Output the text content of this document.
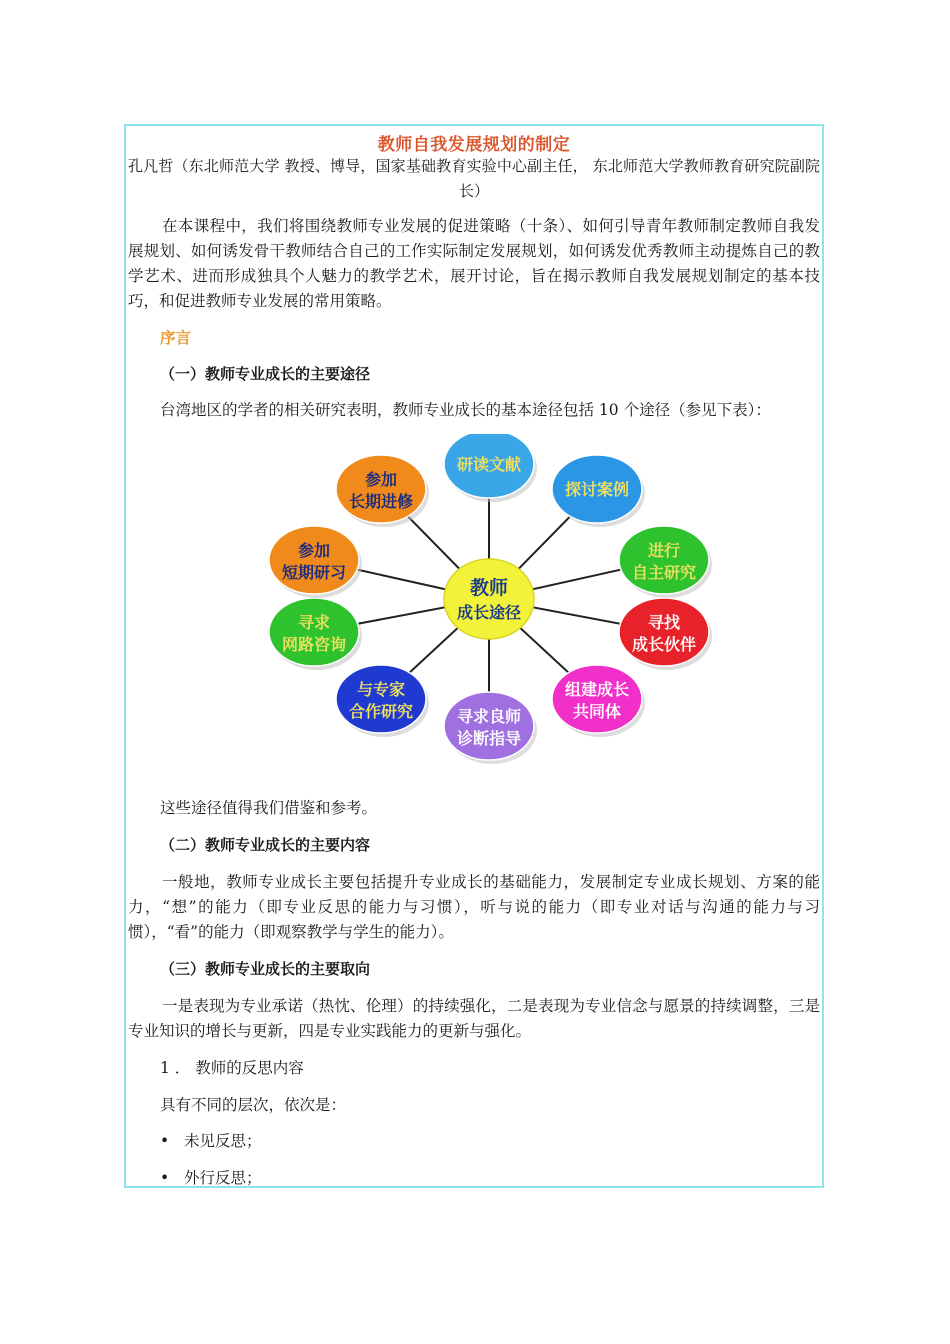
教师自我发展规划的制定
孔凡哲（东北师范大学 教授、博导，国家基础教育实验中心副主任， 东北师范大学教师教育研究院副院长）
在本课程中，我们将围绕教师专业发展的促进策略（十条）、如何引导青年教师制定教师自我发展规划、如何诱发骨干教师结合自己的工作实际制定发展规划，如何诱发优秀教师主动提炼自己的教学艺术、进而形成独具个人魅力的教学艺术，展开讨论，旨在揭示教师自我发展规划制定的基本技巧，和促进教师专业发展的常用策略。
序言
（一）教师专业成长的主要途径
台湾地区的学者的相关研究表明，教师专业成长的基本途径包括 10 个途径（参见下表）：
研读文献
探讨案例
进行
自主研究
寻找
成长伙伴
组建成长
共同体
寻求良师
诊断指导
与专家
合作研究
寻求
网路咨询
参加
短期研习
参加
长期进修
教师
成长途径
这些途径值得我们借鉴和参考。
（二）教师专业成长的主要内容
一般地，教师专业成长主要包括提升专业成长的基础能力，发展制定专业成长规划、方案的能力，“想”的能力（即专业反思的能力与习惯），听与说的能力（即专业对话与沟通的能力与习惯），“看”的能力（即观察教学与学生的能力）。
（三）教师专业成长的主要取向
一是表现为专业承诺（热忱、伦理）的持续强化，二是表现为专业信念与愿景的持续调整，三是专业知识的增长与更新，四是专业实践能力的更新与强化。
1 ． 教师的反思内容
具有不同的层次，依次是：
• 未见反思；
• 外行反思；
